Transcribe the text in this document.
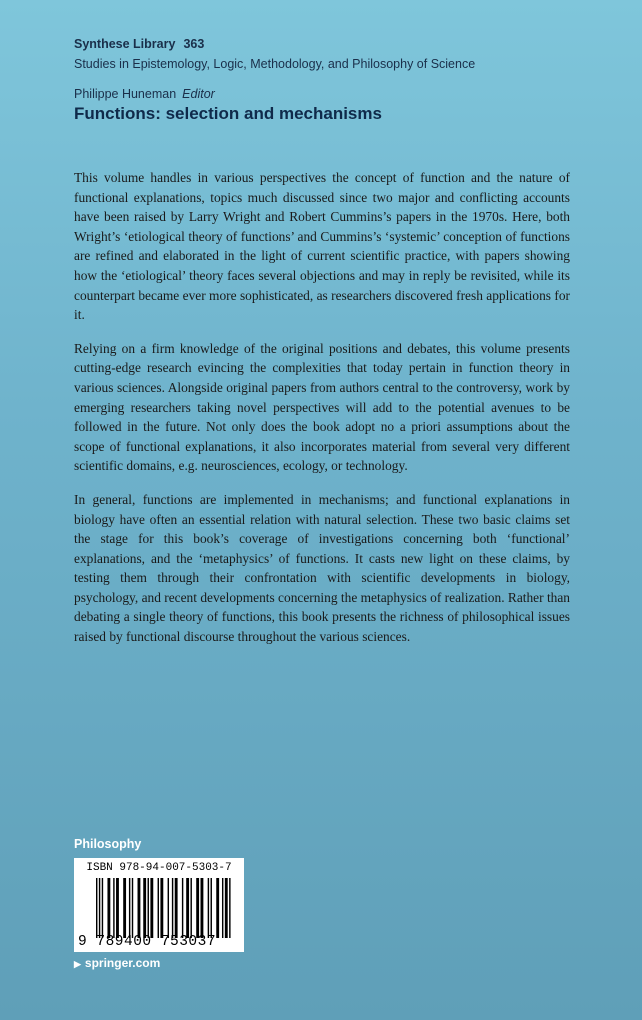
Synthese Library 363
Studies in Epistemology, Logic, Methodology, and Philosophy of Science
Philippe Huneman Editor
Functions: selection and mechanisms

This volume handles in various perspectives the concept of function and the nature of functional explanations, topics much discussed since two major and conflicting accounts have been raised by Larry Wright and Robert Cummins’s papers in the 1970s. Here, both Wright’s ‘etiological theory of functions’ and Cummins’s ‘systemic’ conception of functions are refined and elaborated in the light of current scientific practice, with papers showing how the ‘etiological’ theory faces several objections and may in reply be revisited, while its counterpart became ever more sophisticated, as researchers discovered fresh applications for it.

Relying on a firm knowledge of the original positions and debates, this volume presents cutting-edge research evincing the complexities that today pertain in function theory in various sciences. Alongside original papers from authors central to the controversy, work by emerging researchers taking novel perspectives will add to the potential avenues to be followed in the future. Not only does the book adopt no a priori assumptions about the scope of functional explanations, it also incorporates material from several very different scientific domains, e.g. neurosciences, ecology, or technology.

In general, functions are implemented in mechanisms; and functional explanations in biology have often an essential relation with natural selection. These two basic claims set the stage for this book’s coverage of investigations concerning both ‘functional’ explanations, and the ‘metaphysics’ of functions. It casts new light on these claims, by testing them through their confrontation with scientific developments in biology, psychology, and recent developments concerning the metaphysics of realization. Rather than debating a single theory of functions, this book presents the richness of philosophical issues raised by functional discourse throughout the various sciences.

Philosophy
ISBN 978-94-007-5303-7
9 789400 753037
▶ springer.com
